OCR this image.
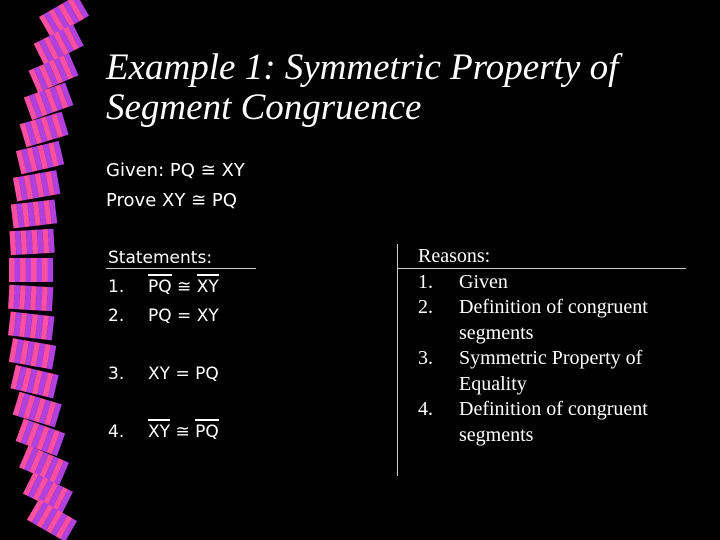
Example 1: Symmetric Property of
Segment Congruence
Given: PQ ≅ XY
Prove XY ≅ PQ
Statements:
1. PQ ≅ XY
2. PQ = XY
3. XY = PQ
4. XY ≅ PQ
Reasons:
1. Given
2. Definition of congruent
segments
3. Symmetric Property of
Equality
4. Definition of congruent
segments
